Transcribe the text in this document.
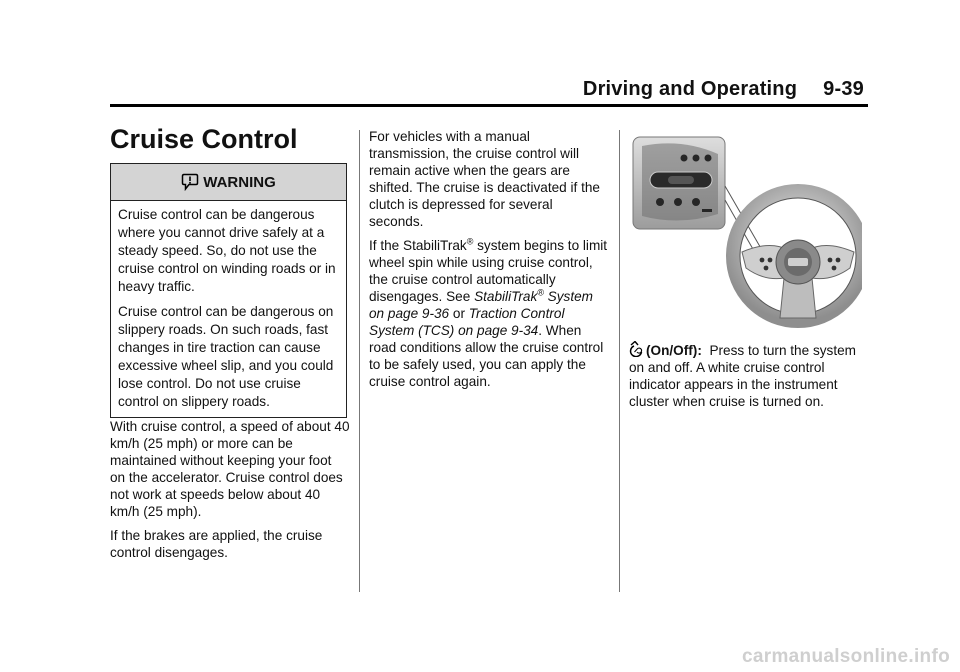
Driving and Operating 9-39
Cruise Control
WARNING

Cruise control can be dangerous where you cannot drive safely at a steady speed. So, do not use the cruise control on winding roads or in heavy traffic.

Cruise control can be dangerous on slippery roads. On such roads, fast changes in tire traction can cause excessive wheel slip, and you could lose control. Do not use cruise control on slippery roads.

With cruise control, a speed of about 40 km/h (25 mph) or more can be maintained without keeping your foot on the accelerator. Cruise control does not work at speeds below about 40 km/h (25 mph).

If the brakes are applied, the cruise control disengages.

For vehicles with a manual transmission, the cruise control will remain active when the gears are shifted. The cruise is deactivated if the clutch is depressed for several seconds.

If the StabiliTrak® system begins to limit wheel spin while using cruise control, the cruise control automatically disengages. See StabiliTrak® System on page 9-36 or Traction Control System (TCS) on page 9-34. When road conditions allow the cruise control to be safely used, you can apply the cruise control again.

(On/Off): Press to turn the system on and off. A white cruise control indicator appears in the instrument cluster when cruise is turned on.

carmanualsonline.info
